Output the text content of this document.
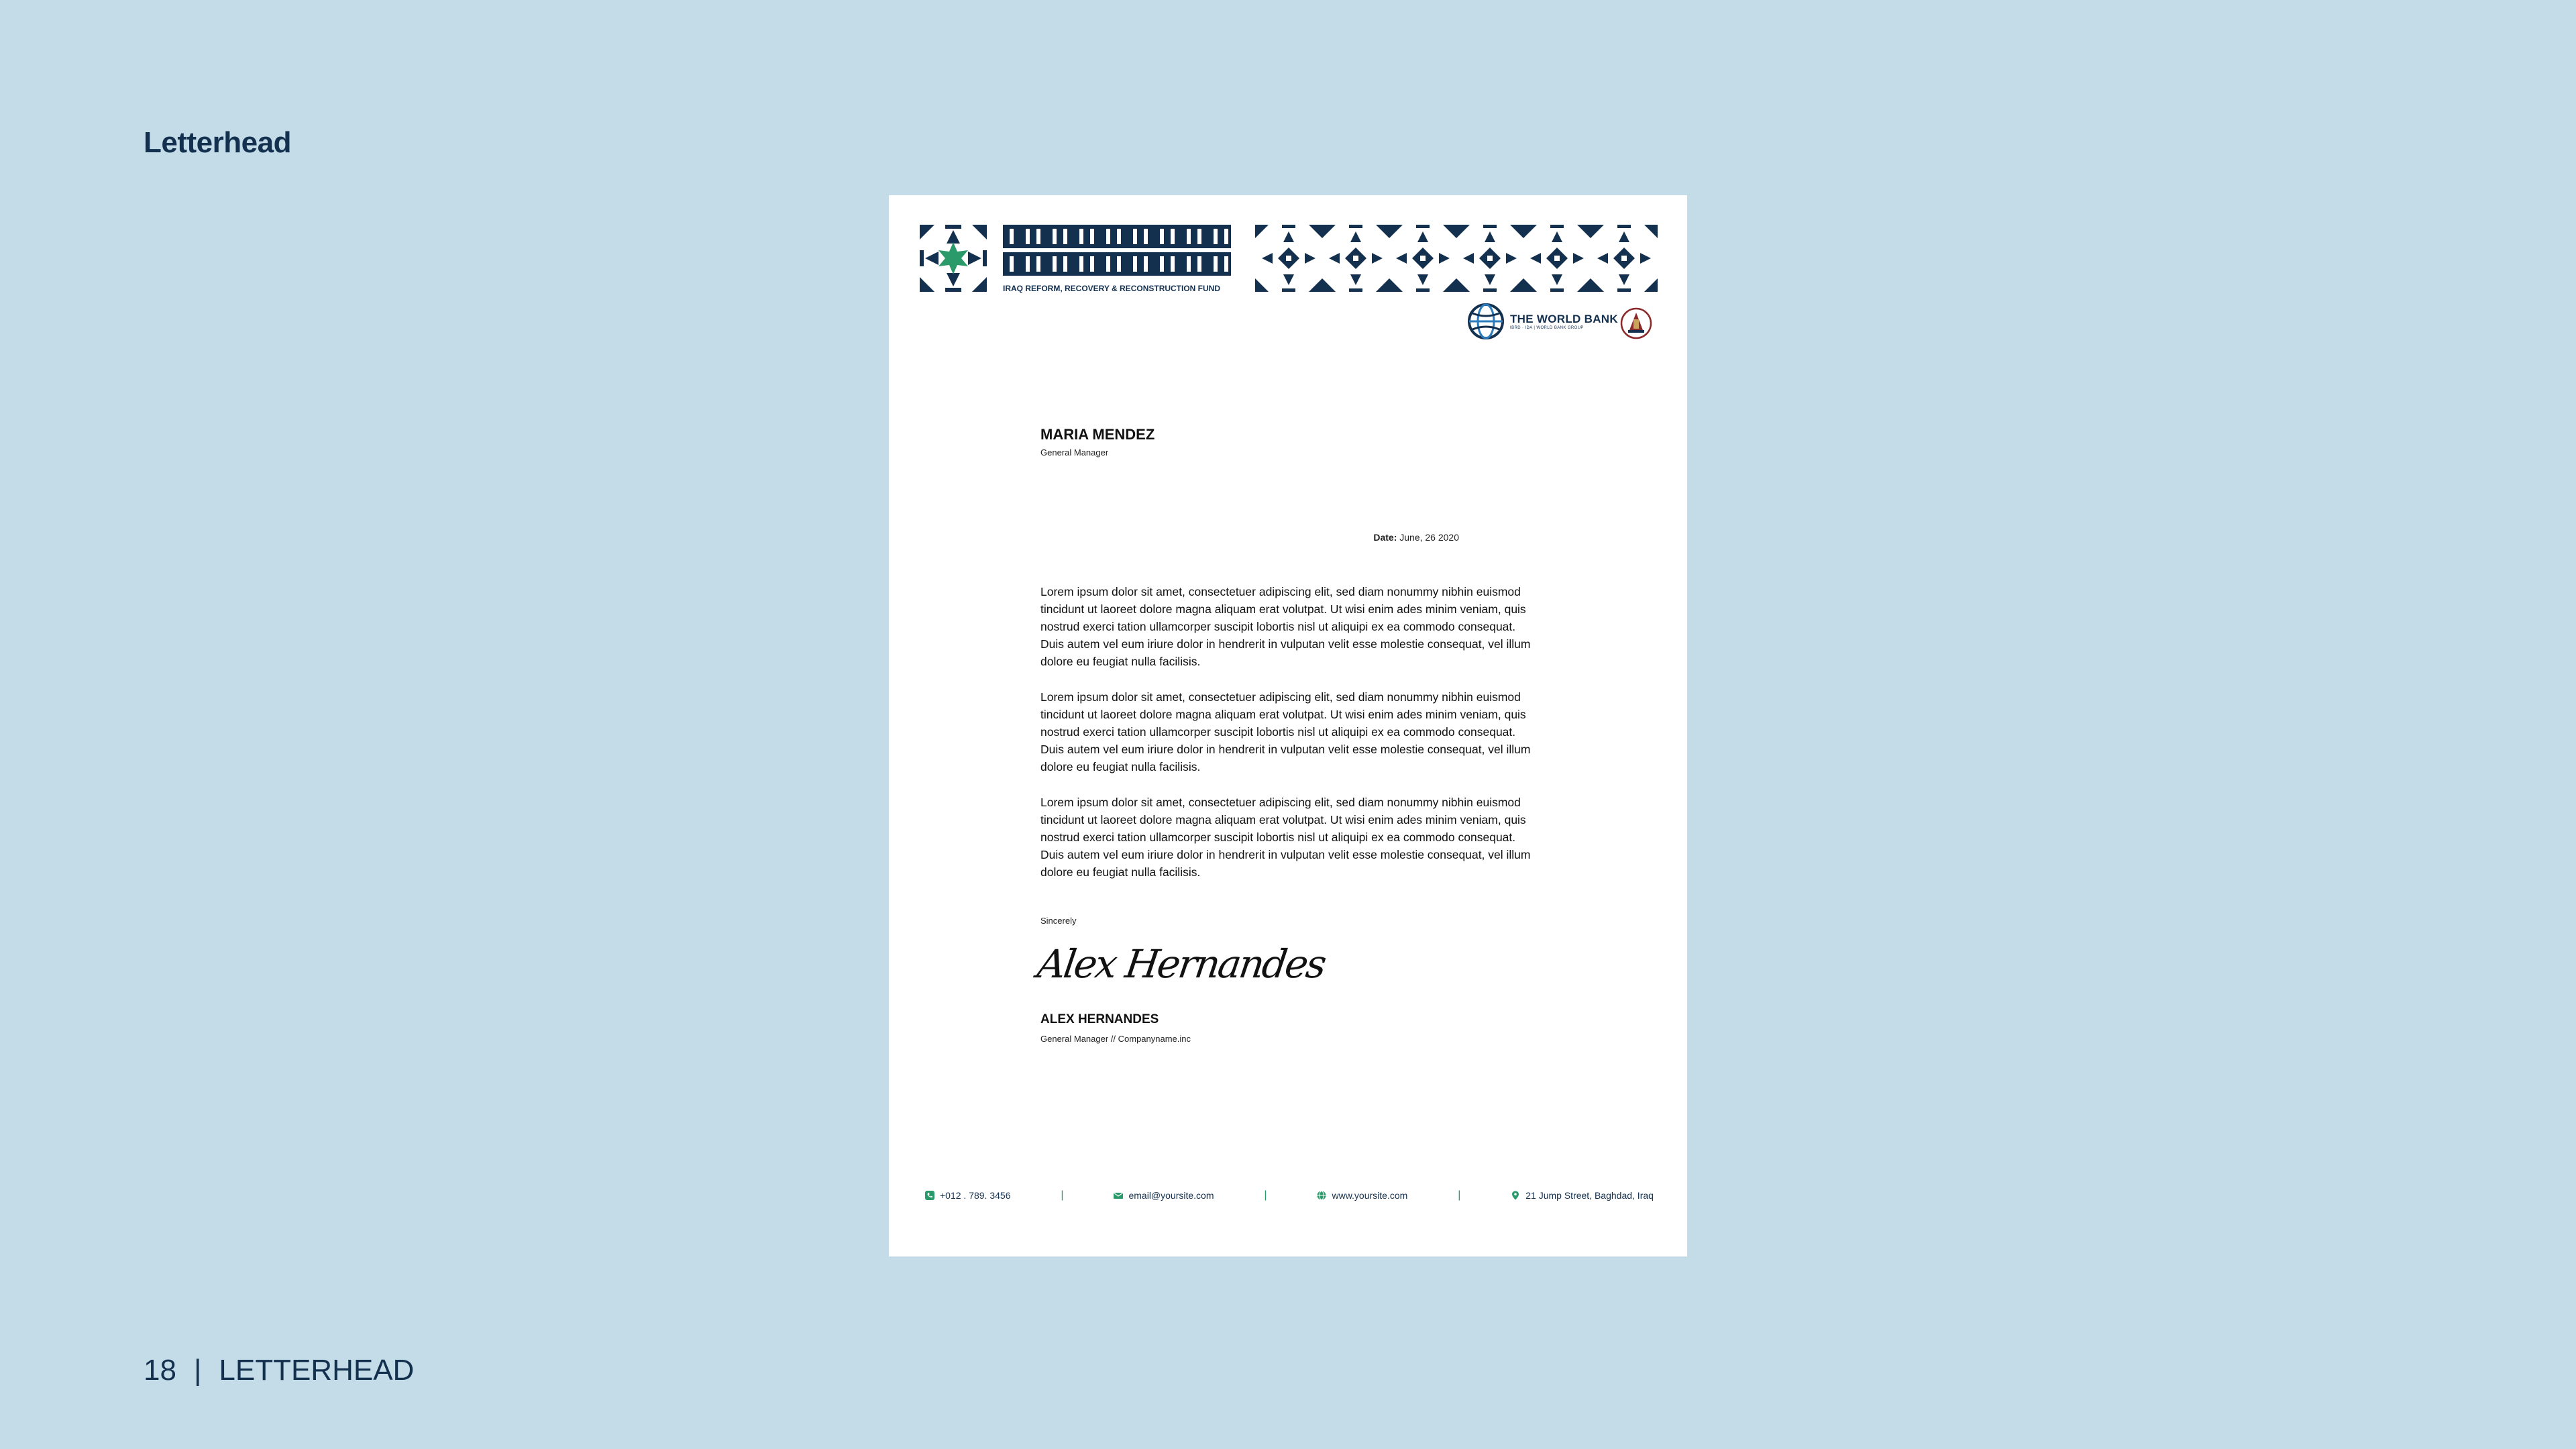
Letterhead
IRAQ REFORM, RECOVERY & RECONSTRUCTION FUND
THE WORLD BANK
IBRD · IDA | WORLD BANK GROUP
MARIA MENDEZ
General Manager
Date: June, 26 2020

Lorem ipsum dolor sit amet, consectetuer adipiscing elit, sed diam nonummy nibhin euismod tincidunt ut laoreet dolore magna aliquam erat volutpat. Ut wisi enim ades minim veniam, quis nostrud exerci tation ullamcorper suscipit lobortis nisl ut aliquipi ex ea commodo consequat. Duis autem vel eum iriure dolor in hendrerit in vulputan velit esse molestie consequat, vel illum dolore eu feugiat nulla facilisis.

Lorem ipsum dolor sit amet, consectetuer adipiscing elit, sed diam nonummy nibhin euismod tincidunt ut laoreet dolore magna aliquam erat volutpat. Ut wisi enim ades minim veniam, quis nostrud exerci tation ullamcorper suscipit lobortis nisl ut aliquipi ex ea commodo consequat. Duis autem vel eum iriure dolor in hendrerit in vulputan velit esse molestie consequat, vel illum dolore eu feugiat nulla facilisis.

Lorem ipsum dolor sit amet, consectetuer adipiscing elit, sed diam nonummy nibhin euismod tincidunt ut laoreet dolore magna aliquam erat volutpat. Ut wisi enim ades minim veniam, quis nostrud exerci tation ullamcorper suscipit lobortis nisl ut aliquipi ex ea commodo consequat. Duis autem vel eum iriure dolor in hendrerit in vulputan velit esse molestie consequat, vel illum dolore eu feugiat nulla facilisis.

Sincerely
Alex Hernandes
ALEX HERNANDES
General Manager // Companyname.inc
+012 . 789. 3456	|	email@yoursite.com	|	www.yoursite.com	|	21 Jump Street, Baghdad, Iraq
18 | LETTERHEAD
